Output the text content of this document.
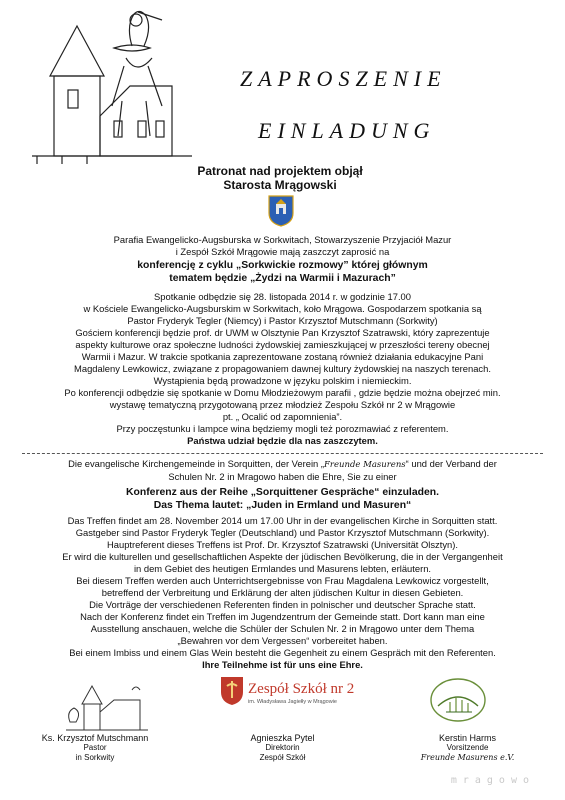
ZAPROSZENIE
EINLADUNG
Patronat nad projektem objął
Starosta Mrągowski
Parafia Ewangelicko-Augsburska w Sorkwitach, Stowarzyszenie Przyjaciół Mazur
i Zespół Szkół Mrągowie mają zaszczyt zaprosić na
konferencję z cyklu „Sorkwickie rozmowy” której głównym
tematem będzie „Żydzi na Warmii i Mazurach”
Spotkanie odbędzie się 28. listopada 2014 r. w godzinie 17.00
w Kościele Ewangelicko-Augsburskim w Sorkwitach, koło Mrągowa. Gospodarzem spotkania są
Pastor Fryderyk Tegler (Niemcy) i Pastor Krzysztof Mutschmann (Sorkwity)
Gościem konferencji będzie prof. dr UWM w Olsztynie Pan Krzysztof Szatrawski, który zaprezentuje
aspekty kulturowe oraz społeczne ludności żydowskiej zamieszkującej w przeszłości tereny obecnej
Warmii i Mazur. W trakcie spotkania zaprezentowane zostaną również działania edukacyjne Pani
Magdaleny Lewkowicz, związane z propagowaniem dawnej kultury żydowskiej na naszych terenach.
Wystąpienia będą prowadzone w języku polskim i niemieckim.
Po konferencji odbędzie się spotkanie w Domu Młodzieżowym parafii , gdzie będzie można obejrzeć min.
wystawę tematyczną przygotowaną przez młodzież Zespołu Szkół nr 2 w Mrągowie
pt. „ Ocalić od zapomnienia”.
Przy poczęstunku i lampce wina będziemy mogli też porozmawiać z referentem.
Państwa udział będzie dla nas zaszczytem.
Die evangelische Kirchengemeinde in Sorquitten, der Verein „Freunde Masurens“ und der Verband der
Schulen Nr. 2 in Mragowo haben die Ehre, Sie zu einer
Konferenz aus der Reihe „Sorquittener Gespräche“ einzuladen.
Das Thema lautet: „Juden in Ermland und Masuren“
Das Treffen findet am 28. November 2014 um 17.00 Uhr in der evangelischen Kirche in Sorquitten statt.
Gastgeber sind Pastor Fryderyk Tegler (Deutschland) und Pastor Krzysztof Mutschmann (Sorkwity).
Hauptreferent dieses Treffens ist Prof. Dr. Krzysztof Szatrawski (Universität Olsztyn).
Er wird die kulturellen und gesellschaftlichen Aspekte der jüdischen Bevölkerung, die in der Vergangenheit
in dem Gebiet des heutigen Ermlandes und Masurens lebten, erläutern.
Bei diesem Treffen werden auch Unterrichtsergebnisse von Frau Magdalena Lewkowicz vorgestellt,
betreffend der Verbreitung und Erklärung der alten jüdischen Kultur in diesen Gebieten.
Die Vorträge der verschiedenen Referenten finden in polnischer und deutscher Sprache statt.
Nach der Konferenz findet ein Treffen im Jugendzentrum der Gemeinde statt. Dort kann man eine
Ausstellung anschauen, welche die Schüler der Schulen Nr. 2 in Mrągowo unter dem Thema
„Bewahren vor dem Vergessen“ vorbereitet haben.
Bei einem Imbiss und einem Glas Wein besteht die Gegenheit zu einem Gespräch mit den Referenten.
Ihre Teilnehme ist für uns eine Ehre.
Zespół Szkół nr 2
im. Władysława Jagiełły w Mrągowie
Ks. Krzysztof Mutschmann
Pastor
in Sorkwity
Agnieszka Pytel
Direktorin
Zespół Szkół
Kerstin Harms
Vorsitzende
Freunde Masurens e.V.
mragowo
